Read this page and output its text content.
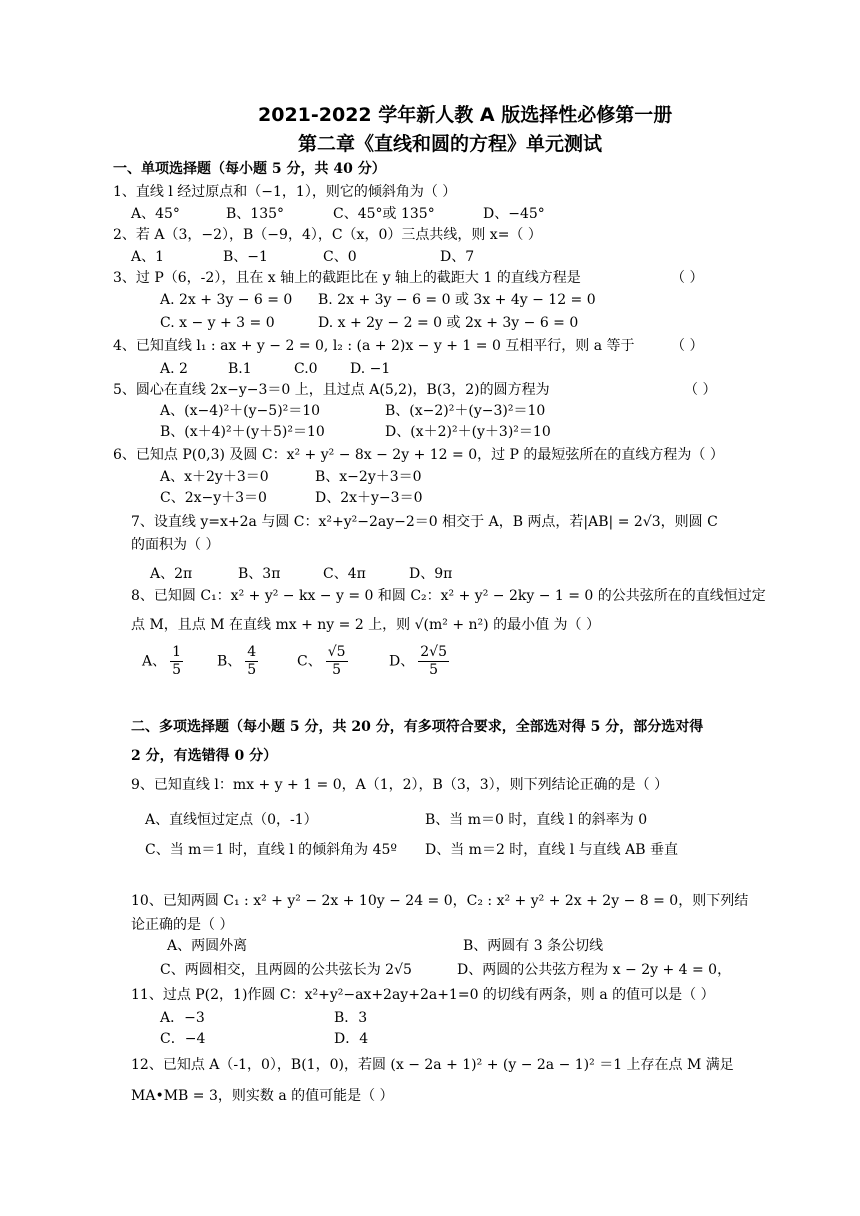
2021-2022 学年新人教 A 版选择性必修第一册
第二章《直线和圆的方程》单元测试
一、单项选择题（每小题 5 分，共 40 分）
1、直线 l 经过原点和（−1，1），则它的倾斜角为（ ）
A、45°	B、135°	C、45°或 135°	D、−45°
2、若 A（3，−2），B（−9，4），C（x，0）三点共线，则 x=（ ）
A、1	B、−1	C、0	D、7
3、过 P（6，-2），且在 x 轴上的截距比在 y 轴上的截距大 1 的直线方程是	（ ）
A. 2x + 3y − 6 = 0 B. 2x + 3y − 6 = 0 或 3x + 4y − 12 = 0
C. x − y + 3 = 0	D. x + 2y − 2 = 0 或 2x + 3y − 6 = 0
4、已知直线 l₁ : ax + y − 2 = 0, l₂ : (a + 2)x − y + 1 = 0 互相平行，则 a 等于	（ ）
A. 2	B.1	C.0 D. −1
5、圆心在直线 2x−y−3＝0 上，且过点 A(5,2)，B(3，2)的圆方程为	（ ）
A、(x−4)²＋(y−5)²＝10	B、(x−2)²＋(y−3)²＝10
B、(x＋4)²＋(y＋5)²＝10	D、(x＋2)²＋(y＋3)²＝10
6、已知点 P(0,3) 及圆 C：x² + y² − 8x − 2y + 12 = 0，过 P 的最短弦所在的直线方程为（ ）
A、x＋2y＋3＝0	B、x−2y＋3＝0
C、2x−y＋3＝0	D、2x＋y−3＝0
7、设直线 y=x+2a 与圆 C：x²+y²−2ay−2＝0 相交于 A，B 两点，若|AB| = 2√3，则圆 C
的面积为（ ）
A、2π	B、3π	C、4π	D、9π
8、已知圆 C₁：x² + y² − kx − y = 0 和圆 C₂：x² + y² − 2ky − 1 = 0 的公共弦所在的直线恒过定
点 M，且点 M 在直线 mx + ny = 2 上，则 √(m² + n²) 的最小值 为（ ）
A、 $\frac{1}{5}$ B、 $\frac{4}{5}$	C、 $\frac{√5}{5}$	D、 $\frac{2√5}{5}$
二、多项选择题（每小题 5 分，共 20 分，有多项符合要求，全部选对得 5 分，部分选对得
2 分，有选错得 0 分）
9、已知直线 l：mx + y + 1 = 0，A（1，2），B（3，3），则下列结论正确的是（ ）
A、直线恒过定点（0，-1）	B、当 m＝0 时，直线 l 的斜率为 0
C、当 m＝1 时，直线 l 的倾斜角为 45º D、当 m＝2 时，直线 l 与直线 AB 垂直
10、已知两圆 C₁ : x² + y² − 2x + 10y − 24 = 0，C₂ : x² + y² + 2x + 2y − 8 = 0，则下列结
论正确的是（ ）
A、两圆外离	B、两圆有 3 条公切线
C、两圆相交，且两圆的公共弦长为 2√5	D、两圆的公共弦方程为 x − 2y + 4 = 0，
11、过点 P(2，1)作圆 C：x²+y²−ax+2ay+2a+1=0 的切线有两条，则 a 的值可以是（ ）
A．−3	B．3
C．−4	D．4
12、已知点 A（-1，0），B(1，0)，若圆 (x − 2a + 1)² + (y − 2a − 1)² ＝1 上存在点 M 满足
MA•MB = 3，则实数 a 的值可能是（ ）
